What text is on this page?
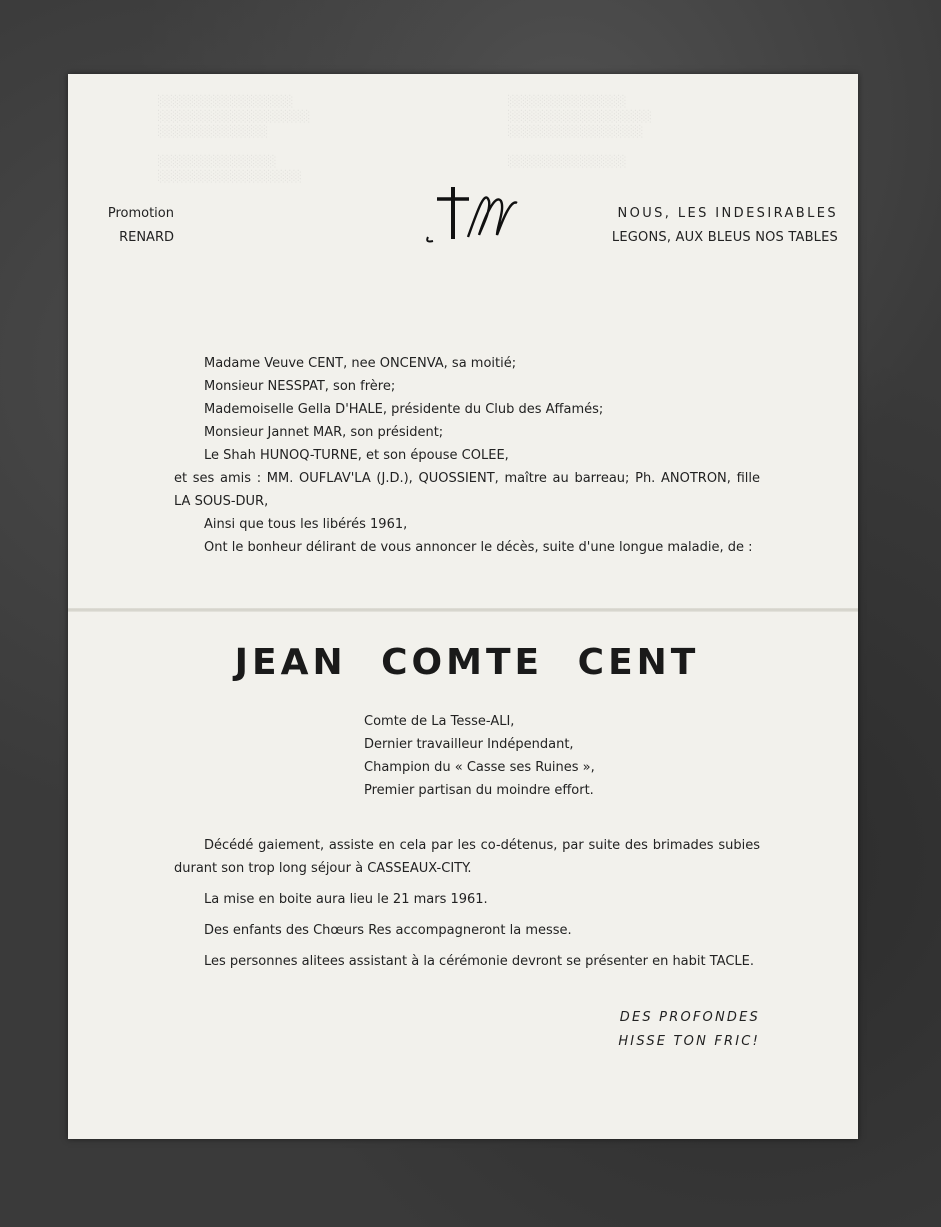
░░░░░░░░░░░░░░░░
░░░░░░░░░░░░░░░░░░
░░░░░░░░░░░░░

░░░░░░░░░░░░░░
░░░░░░░░░░░░░░░░░
░░░░░░░░░░░░░░
░░░░░░░░░░░░░░░░░
░░░░░░░░░░░░░░░░

░░░░░░░░░░░░░░
Promotion
RENARD
NOUS, LES INDESIRABLES
LEGONS, AUX BLEUS NOS TABLES

Madame Veuve CENT, nee ONCENVA, sa moitié;

Monsieur NESSPAT, son frère;

Mademoiselle Gella D'HALE, présidente du Club des Affamés;

Monsieur Jannet MAR, son président;

Le Shah HUNOQ-TURNE, et son épouse COLEE,

et ses amis : MM. OUFLAV'LA (J.D.), QUOSSIENT, maître au barreau; Ph. ANOTRON, fille LA SOUS-DUR,

Ainsi que tous les libérés 1961,

Ont le bonheur délirant de vous annoncer le décès, suite d'une longue maladie, de :

JEAN COMTE CENT

Comte de La Tesse-ALI,

Dernier travailleur Indépendant,

Champion du « Casse ses Ruines »,

Premier partisan du moindre effort.

Décédé gaiement, assiste en cela par les co-détenus, par suite des brimades subies durant son trop long séjour à CASSEAUX-CITY.

La mise en boite aura lieu le 21 mars 1961.

Des enfants des Chœurs Res accompagneront la messe.

Les personnes alitees assistant à la cérémonie devront se présenter en habit TACLE.

DES PROFONDES
HISSE TON FRIC!
